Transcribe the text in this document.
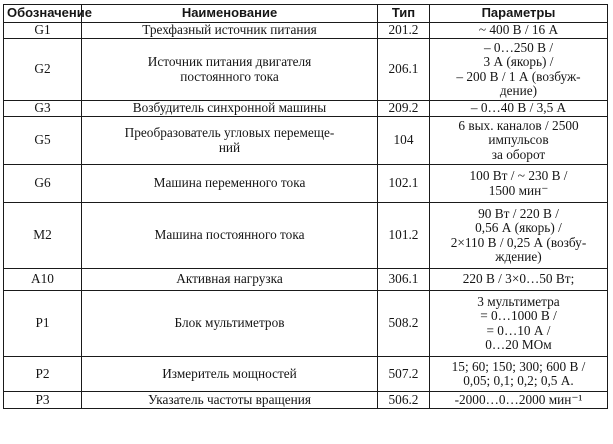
Обозначение	Наименование	Тип	Параметры
G1	Трехфазный источник питания	201.2	~ 400 В / 16 А

G2	Источник питания двигателя
постоянного тока	206.1	– 0…250 В /
3 А (якорь) /
– 200 В / 1 А (возбуж-
дение)

G3	Возбудитель синхронной машины	209.2	– 0…40 В / 3,5 А

G5	Преобразователь угловых перемеще-
ний	104	6 вых. каналов / 2500
импульсов
за оборот

G6	Машина переменного тока	102.1	100 Вт / ~ 230 В /
1500 мин⁻

M2	Машина постоянного тока	101.2	90 Вт / 220 В /
0,56 А (якорь) /
2×110 В / 0,25 А (возбу-
ждение)

A10	Активная нагрузка	306.1	220 В / 3×0…50 Вт;

P1	Блок мультиметров	508.2	3 мультиметра
= 0…1000 В /
= 0…10 А /
0…20 МОм

P2	Измеритель мощностей	507.2	15; 60; 150; 300; 600 В /
0,05; 0,1; 0,2; 0,5 А.

P3	Указатель частоты вращения	506.2	-2000…0…2000 мин⁻¹
